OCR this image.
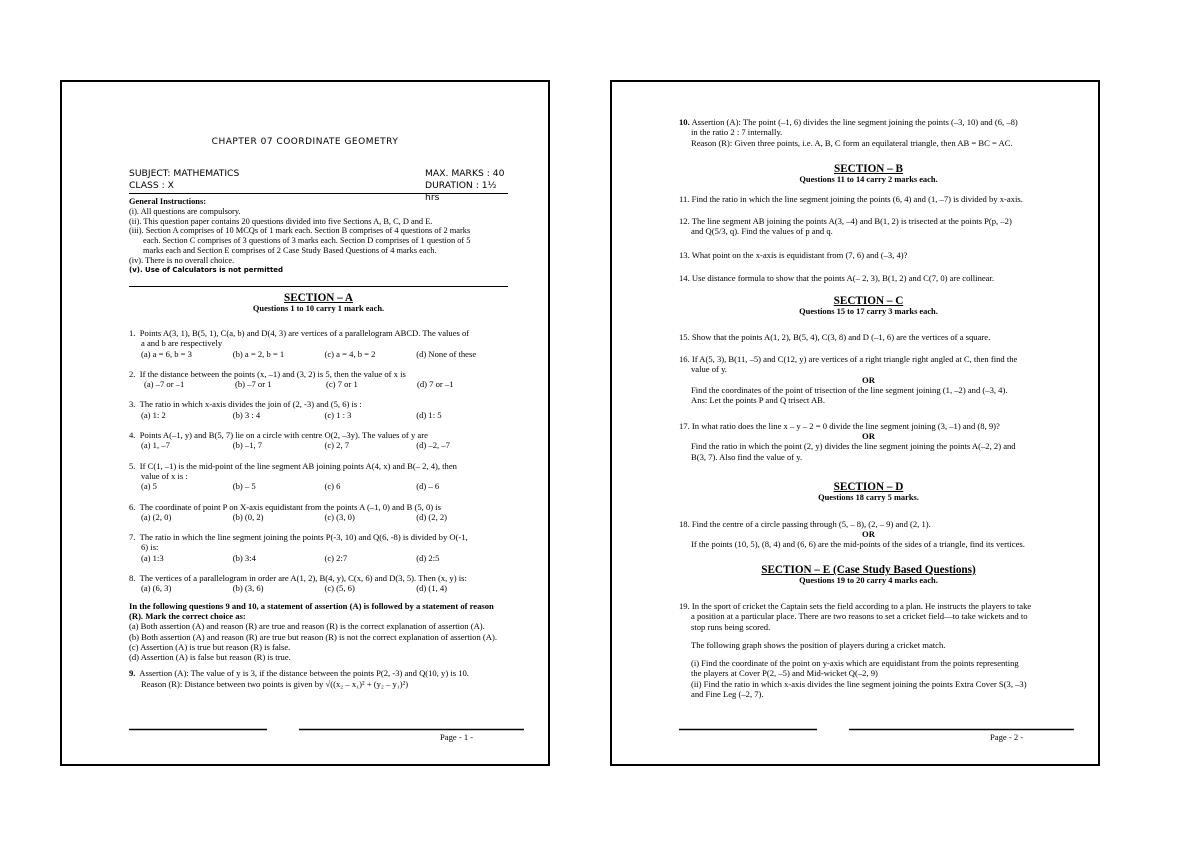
CHAPTER 07 COORDINATE GEOMETRY
SUBJECT: MATHEMATICS	MAX. MARKS : 40
CLASS : X	DURATION : 1½ hrs
General Instructions:
(i). All questions are compulsory.
(ii). This question paper contains 20 questions divided into five Sections A, B, C, D and E.
(iii). Section A comprises of 10 MCQs of 1 mark each. Section B comprises of 4 questions of 2 marks
each. Section C comprises of 3 questions of 3 marks each. Section D comprises of 1 question of 5
marks each and Section E comprises of 2 Case Study Based Questions of 4 marks each.
(iv). There is no overall choice.
(v). Use of Calculators is not permitted
SECTION – A
Questions 1 to 10 carry 1 mark each.
1. Points A(3, 1), B(5, 1), C(a, b) and D(4, 3) are vertices of a parallelogram ABCD. The values of
a and b are respectively
(a) a = 6, b = 3	(b) a = 2, b = 1	(c) a = 4, b = 2	(d) None of these
2. If the distance between the points (x, –1) and (3, 2) is 5, then the value of x is
(a) –7 or –1	(b) –7 or 1	(c) 7 or 1	(d) 7 or –1
3. The ratio in which x-axis divides the join of (2, -3) and (5, 6) is :
(a) 1: 2	(b) 3 : 4	(c) 1 : 3	(d) 1: 5
4. Points A(–1, y) and B(5, 7) lie on a circle with centre O(2, –3y). The values of y are
(a) 1, –7	(b) –1, 7	(c) 2, 7	(d) –2, –7
5. If C(1, –1) is the mid-point of the line segment AB joining points A(4, x) and B(– 2, 4), then
value of x is :
(a) 5	(b) – 5	(c) 6	(d) – 6
6. The coordinate of point P on X-axis equidistant from the points A (–1, 0) and B (5, 0) is
(a) (2, 0)	(b) (0, 2)	(c) (3, 0)	(d) (2, 2)
7. The ratio in which the line segment joining the points P(-3, 10) and Q(6, -8) is divided by O(-1,
6) is:
(a) 1:3	(b) 3:4	(c) 2:7	(d) 2:5
8. The vertices of a parallelogram in order are A(1, 2), B(4, y), C(x, 6) and D(3, 5). Then (x, y) is:
(a) (6, 3)	(b) (3, 6)	(c) (5, 6)	(d) (1, 4)
In the following questions 9 and 10, a statement of assertion (A) is followed by a statement of reason (R). Mark the correct choice as:
(a) Both assertion (A) and reason (R) are true and reason (R) is the correct explanation of assertion (A).
(b) Both assertion (A) and reason (R) are true but reason (R) is not the correct explanation of assertion (A).
(c) Assertion (A) is true but reason (R) is false.
(d) Assertion (A) is false but reason (R) is true.
9. Assertion (A): The value of y is 3, if the distance between the points P(2, -3) and Q(10, y) is 10.
Reason (R): Distance between two points is given by √((x₂ – x₁)² + (y₂ – y₁)²)
Page - 1 -
10. Assertion (A): The point (–1, 6) divides the line segment joining the points (–3, 10) and (6, –8)
in the ratio 2 : 7 internally.
Reason (R): Given three points, i.e. A, B, C form an equilateral triangle, then AB = BC = AC.
SECTION – B
Questions 11 to 14 carry 2 marks each.
11. Find the ratio in which the line segment joining the points (6, 4) and (1, –7) is divided by x-axis.
12. The line segment AB joining the points A(3, –4) and B(1, 2) is trisected at the points P(p, –2)
and Q(5/3, q). Find the values of p and q.
13. What point on the x-axis is equidistant from (7, 6) and (–3, 4)?
14. Use distance formula to show that the points A(– 2, 3), B(1, 2) and C(7, 0) are collinear.
SECTION – C
Questions 15 to 17 carry 3 marks each.
15. Show that the points A(1, 2), B(5, 4), C(3, 8) and D (–1, 6) are the vertices of a square.
16. If A(5, 3), B(11, –5) and C(12, y) are vertices of a right triangle right angled at C, then find the
value of y.
OR
Find the coordinates of the point of trisection of the line segment joining (1, –2) and (–3, 4).
Ans: Let the points P and Q trisect AB.
17. In what ratio does the line x – y – 2 = 0 divide the line segment joining (3, –1) and (8, 9)?
OR
Find the ratio in which the point (2, y) divides the line segment joining the points A(–2, 2) and
B(3, 7). Also find the value of y.
SECTION – D
Questions 18 carry 5 marks.
18. Find the centre of a circle passing through (5, – 8), (2, – 9) and (2, 1).
OR
If the points (10, 5), (8, 4) and (6, 6) are the mid-points of the sides of a triangle, find its vertices.
SECTION – E (Case Study Based Questions)
Questions 19 to 20 carry 4 marks each.
19. In the sport of cricket the Captain sets the field according to a plan. He instructs the players to take
a position at a particular place. There are two reasons to set a cricket field—to take wickets and to
stop runs being scored.
The following graph shows the position of players during a cricket match.
(i) Find the coordinate of the point on y-axis which are equidistant from the points representing
the players at Cover P(2, –5) and Mid-wicket Q(–2, 9)
(ii) Find the ratio in which x-axis divides the line segment joining the points Extra Cover S(3, –3)
and Fine Leg (–2, 7).
Page - 2 -
